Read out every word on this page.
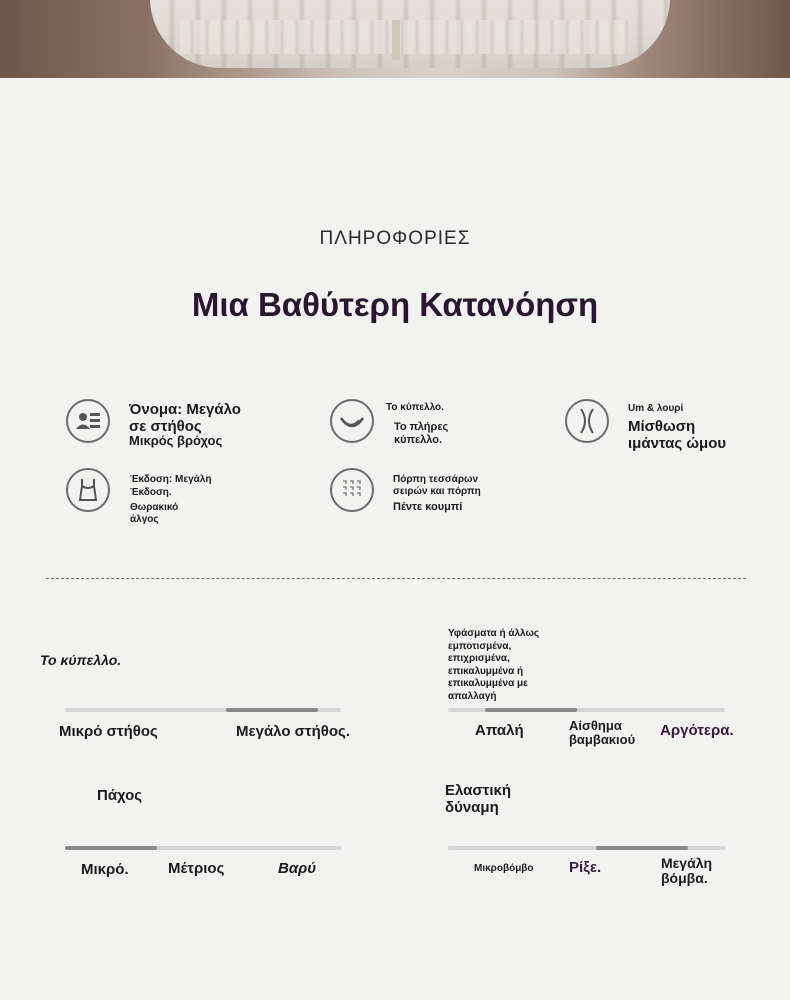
ΠΛΗΡΟΦΟΡΙΕΣ
Μια Βαθύτερη Κατανόηση
Όνομα: Μεγάλο
σε στήθος
Μικρός βρόχος
Το κύπελλο.
Το πλήρες
κύπελλο.
Um & λουρί
Μίσθωση
ιμάντας ώμου
Έκδοση: Μεγάλη
Έκδοση.
Θωρακικό
άλγος
Πόρπη τεσσάρων
σειρών και πόρπη
Πέντε κουμπί
Το κύπελλο.
Μικρό στήθος	Μεγάλο στήθος.
Υφάσματα ή άλλως εμποτισμένα, επιχρισμένα, επικαλυμμένα ή επικαλυμμένα με απαλλαγή
Απαλή	Αίσθημα βαμβακιού
Αργότερα.
Πάχος
Μικρό.	Μέτριος	Βαρύ
Ελαστική δύναμη
Μικροβόμβο Ρίξε.	Μεγάλη βόμβα.
